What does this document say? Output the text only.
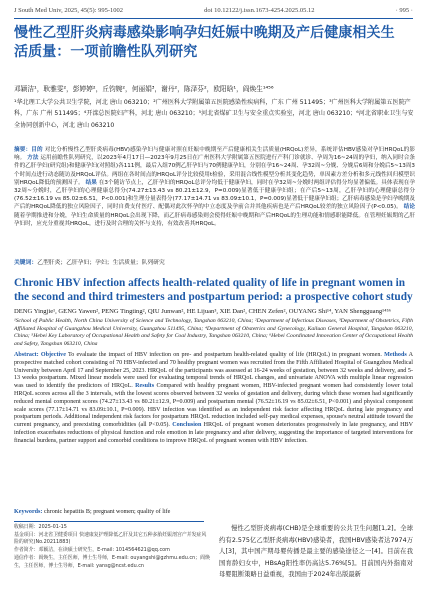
J South Med Univ, 2025, 45(5): 995-1002	doi 10.12122/j.issn.1673-4254.2025.05.12	· 995 ·
慢性乙型肝炎病毒感染影响孕妇妊娠中晚期及产后健康相关生活质量：一项前瞻性队列研究
邓颖洁¹，耿雅雯²，彭婷婷²，丘钧婉²，何丽娟³，谢丹²，陈泽芬²，欧阳晗¹，阎焕生¹⁴⁵⁶
¹华北理工大学公共卫生学院，河北 唐山 063210；²广州医科大学附属第五医院感染性疾病科，广东 广州 511495；³广州医科大学附属第五医院产科，广东 广州 511495；⁴开滦总医院妇产科，河北 唐山 063210；⁵河北省煤矿卫生与安全重点实验室，河北 唐山 063210；⁶河北省职业卫生与安全协同创新中心，河北 唐山 063210
摘要：目的 对比分析慢性乙型肝炎病毒(HBV)感染孕妇与健康对照在妊娠中晚期至产后健康相关生活质量(HRQoL)差异，系统评估HBV感染对孕妇HRQoL的影响。 方法 运用前瞻性队列研究，以2023年4月17日—2023年9月25日在广州医科大学附属第五医院进行产科门诊就诊、孕周为16~24周的孕妇，纳入同时合条件的乙肝孕妇(研究组)和健康孕妇(对照组)各111例，最后入组70例乙肝孕妇与70例健康孕妇，分别在孕16~24周、孕32周~分娩、分娩后6周和分娩后5~13周3个时间点进行动态随访及HRQoL评估。两组在各时间点的HRQoL评分比较使用t检验，采用混合线性模型分析其变化趋势，单因素方差分析和多元线性回归模型识别HRQoL降低的预测因子。 结果 在3个随访节点上，乙肝孕妇的HRQoL总评分均低于健康孕妇，同时在孕32周~分娩时两组评估得分均显著偏低。具体表现在孕32周~分娩时，乙肝孕妇的心理健康总得分(74.27±13.43 vs 80.21±12.9，P=0.009)显著低于健康孕妇组；在产后5~13周，乙肝孕妇的心理健康总得分(76.52±16.19 vs 85.02±6.51，P<0.001)和生理分量表得分(77.17±14.71 vs 83.09±10.1，P=0.009)显著低于健康孕妇组；乙肝病毒感染是孕妇孕晚期及产后的HRQoL降低的独立风险因子，同时自费支付医疗、配偶对此次怀孕的中立态度及孕前合并其他疾病也是产后HRQoL较差的独立风险因子(P<0.05)。 结论 随着孕期推进和分娩，孕妇生命质量的HRQoL会出现下降，而乙肝病毒感染则会使得妊娠中晚期和产后HRQoL的生理功能和情感职能降低。在管理妊娠期的乙肝孕妇时，应充分重视其HRQoL，进行及时合理的关怀与支持，有效改善其HRQoL。
关键词：乙型肝炎；乙肝孕妇；孕妇；生活质量；队列研究
Chronic HBV infection affects health-related quality of life in pregnant women in the second and third trimesters and postpartum period: a prospective cohort study
DENG Yingjie¹, GENG Yawen², PENG Tingting², QIU Junwan², HE Lijuan³, XIE Dan², CHEN Zefen², OUYANG Shi¹⁴, YAN Shengguang¹⁴⁵⁶
¹School of Public Health, North China University of Science and Technology, Tangshan 063210, China; ²Department of Infectious Diseases, ³Department of Obstetrics, Fifth Affiliated Hospital of Guangzhou Medical University, Guangzhou 511495, China; ⁴Department of Obstetrics and Gynecology, Kailuan General Hospital, Tangshan 063210, China; ⁵Hebei Key Laboratory of Occupational Health and Safety for Coal Industry, Tangshan 063210, China; ⁶Hebei Coordinated Innovation Center of Occupational Health and Safety, Tangshan 063210, China
Abstract: Objective To evaluate the impact of HBV infection on pre- and postpartum health-related quality of life (HRQoL) in pregnant women. Methods A prospective matched cohort consisting of 70 HBV-infected and 70 healthy pregnant women was recruited from the Fifth Affiliated Hospital of Guangzhou Medical University between April 17 and September 25, 2023. HRQoL of the participants was assessed at 16-24 weeks of gestation, between 32 weeks and delivery, and 5-13 weeks postpartum. Mixed linear models were used for evaluating temporal trends of HRQoL changes, and univariate ANOVA with multiple linear regression was used to identify the predictors of HRQoL. Results Compared with healthy pregnant women, HBV-infected pregnant women had consistently lower total HRQoL scores across all the 3 intervals, with the lowest scores observed between 32 weeks of gestation and delivery, during which these women had significantly reduced mental component scores (74.27±13.43 vs 80.21±12.9, P=0.009) and postpartum mental (76.52±16.19 vs 85.02±6.51, P<0.001) and physical component scale scores (77.17±14.71 vs 83.09±10.1, P=0.009). HBV infection was identified as an independent risk factor affecting HRQoL during late pregnancy and postpartum periods. Additional independent risk factors for postpartum HRQoL reduction included self-pay medical expenses, spouse's neutral attitude toward the current pregnancy, and preexisting comorbidities (all P<0.05). Conclusion HRQoL of pregnant women deteriorates progressively in late pregnancy, and HBV infection exacerbates reductions of physical function and role emotion in late pregnancy and after delivery, suggesting the importance of targeted interventions for financial burdens, partner support and comorbid conditions to improve HRQoL of pregnant women with HBV infection.
Keywords: chronic hepatitis B; pregnant women; quality of life
收稿日期：2025-01-15
基金项目：河北省卫健委项目 快速康复护理降低乙肝及其它五种多胎妊娠剖宫产并发症风险的研究(No.20211883)
作者简介：邓颖洁，在读硕士研究生，E-mail: 1014564621@qq.com
通信作者：阎焕生，主任医师，博士生导师，E-mail: ouyangshi@gzhmu.edu.cn；阎焕生，主任医师，博士生导师，E-mail: yansg@ncst.edu.cn
慢性乙型肝炎病毒(CHB)是全球重要的公共卫生问题[1,2]。全球约有2.575亿乙型肝炎病毒(HBV)感染者，我国HBV感染者达7974万人[3]，其中国产期母婴传播是最主要的感染途径之一[4]。目前在我国育龄妇女中，HBsAg阳性率仍高达5.76%[5]。目前国内外指南对母婴阻断策略日益重视，我国由于2024年出版最新
